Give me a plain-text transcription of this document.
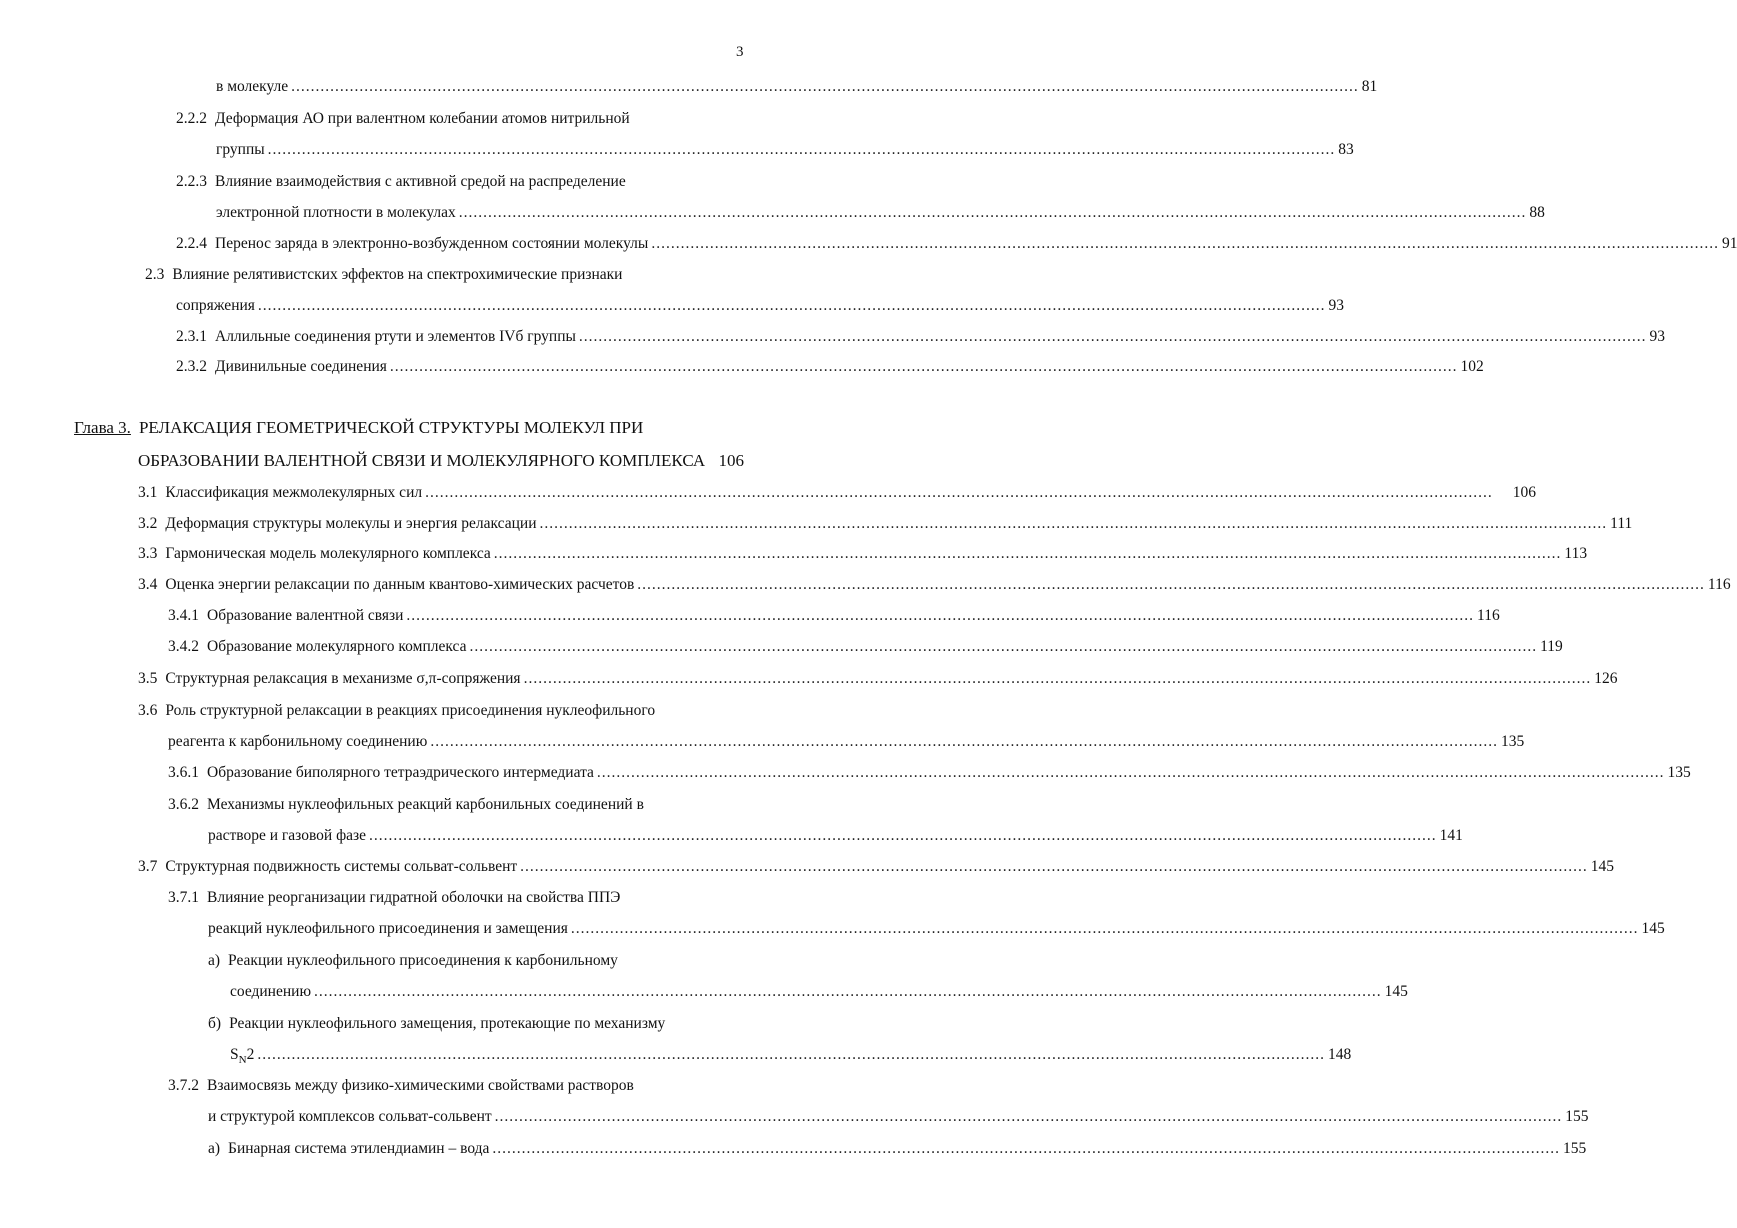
3
в молекуле ........................................................................................................................................................................................................................... 81
2.2.2 Деформация АО при валентном колебании атомов нитрильной
группы ........................................................................................................................................................................................................................... 83
2.2.3 Влияние взаимодействия с активной средой на распределение
электронной плотности в молекулах ........................................................................................................................................................................................................................... 88
2.2.4 Перенос заряда в электронно-возбужденном состоянии молекулы ........................................................................................................................................................................................................................... 91
2.3 Влияние релятивистских эффектов на спектрохимические признаки
сопряжения ........................................................................................................................................................................................................................... 93
2.3.1 Аллильные соединения ртути и элементов IVб группы ........................................................................................................................................................................................................................... 93
2.3.2 Дивинильные соединения ........................................................................................................................................................................................................................... 102
Глава 3. РЕЛАКСАЦИЯ ГЕОМЕТРИЧЕСКОЙ СТРУКТУРЫ МОЛЕКУЛ ПРИ
ОБРАЗОВАНИИ ВАЛЕНТНОЙ СВЯЗИ И МОЛЕКУЛЯРНОГО КОМПЛЕКСА 106
3.1 Классификация межмолекулярных сил ........................................................................................................................................................................................................................... 106
3.2 Деформация структуры молекулы и энергия релаксации ........................................................................................................................................................................................................................... 111
3.3 Гармоническая модель молекулярного комплекса ........................................................................................................................................................................................................................... 113
3.4 Оценка энергии релаксации по данным квантово-химических расчетов ........................................................................................................................................................................................................................... 116
3.4.1 Образование валентной связи ........................................................................................................................................................................................................................... 116
3.4.2 Образование молекулярного комплекса ........................................................................................................................................................................................................................... 119
3.5 Структурная релаксация в механизме σ,π-сопряжения ........................................................................................................................................................................................................................... 126
3.6 Роль структурной релаксации в реакциях присоединения нуклеофильного
реагента к карбонильному соединению ........................................................................................................................................................................................................................... 135
3.6.1 Образование биполярного тетраэдрического интермедиата ........................................................................................................................................................................................................................... 135
3.6.2 Механизмы нуклеофильных реакций карбонильных соединений в
растворе и газовой фазе ........................................................................................................................................................................................................................... 141
3.7 Структурная подвижность системы сольват-сольвент ........................................................................................................................................................................................................................... 145
3.7.1 Влияние реорганизации гидратной оболочки на свойства ППЭ
реакций нуклеофильного присоединения и замещения ........................................................................................................................................................................................................................... 145
а) Реакции нуклеофильного присоединения к карбонильному
соединению ........................................................................................................................................................................................................................... 145
б) Реакции нуклеофильного замещения, протекающие по механизму
$S_N2$ ........................................................................................................................................................................................................................... 148
3.7.2 Взаимосвязь между физико-химическими свойствами растворов
и структурой комплексов сольват-сольвент ........................................................................................................................................................................................................................... 155
а) Бинарная система этилендиамин – вода ........................................................................................................................................................................................................................... 155
